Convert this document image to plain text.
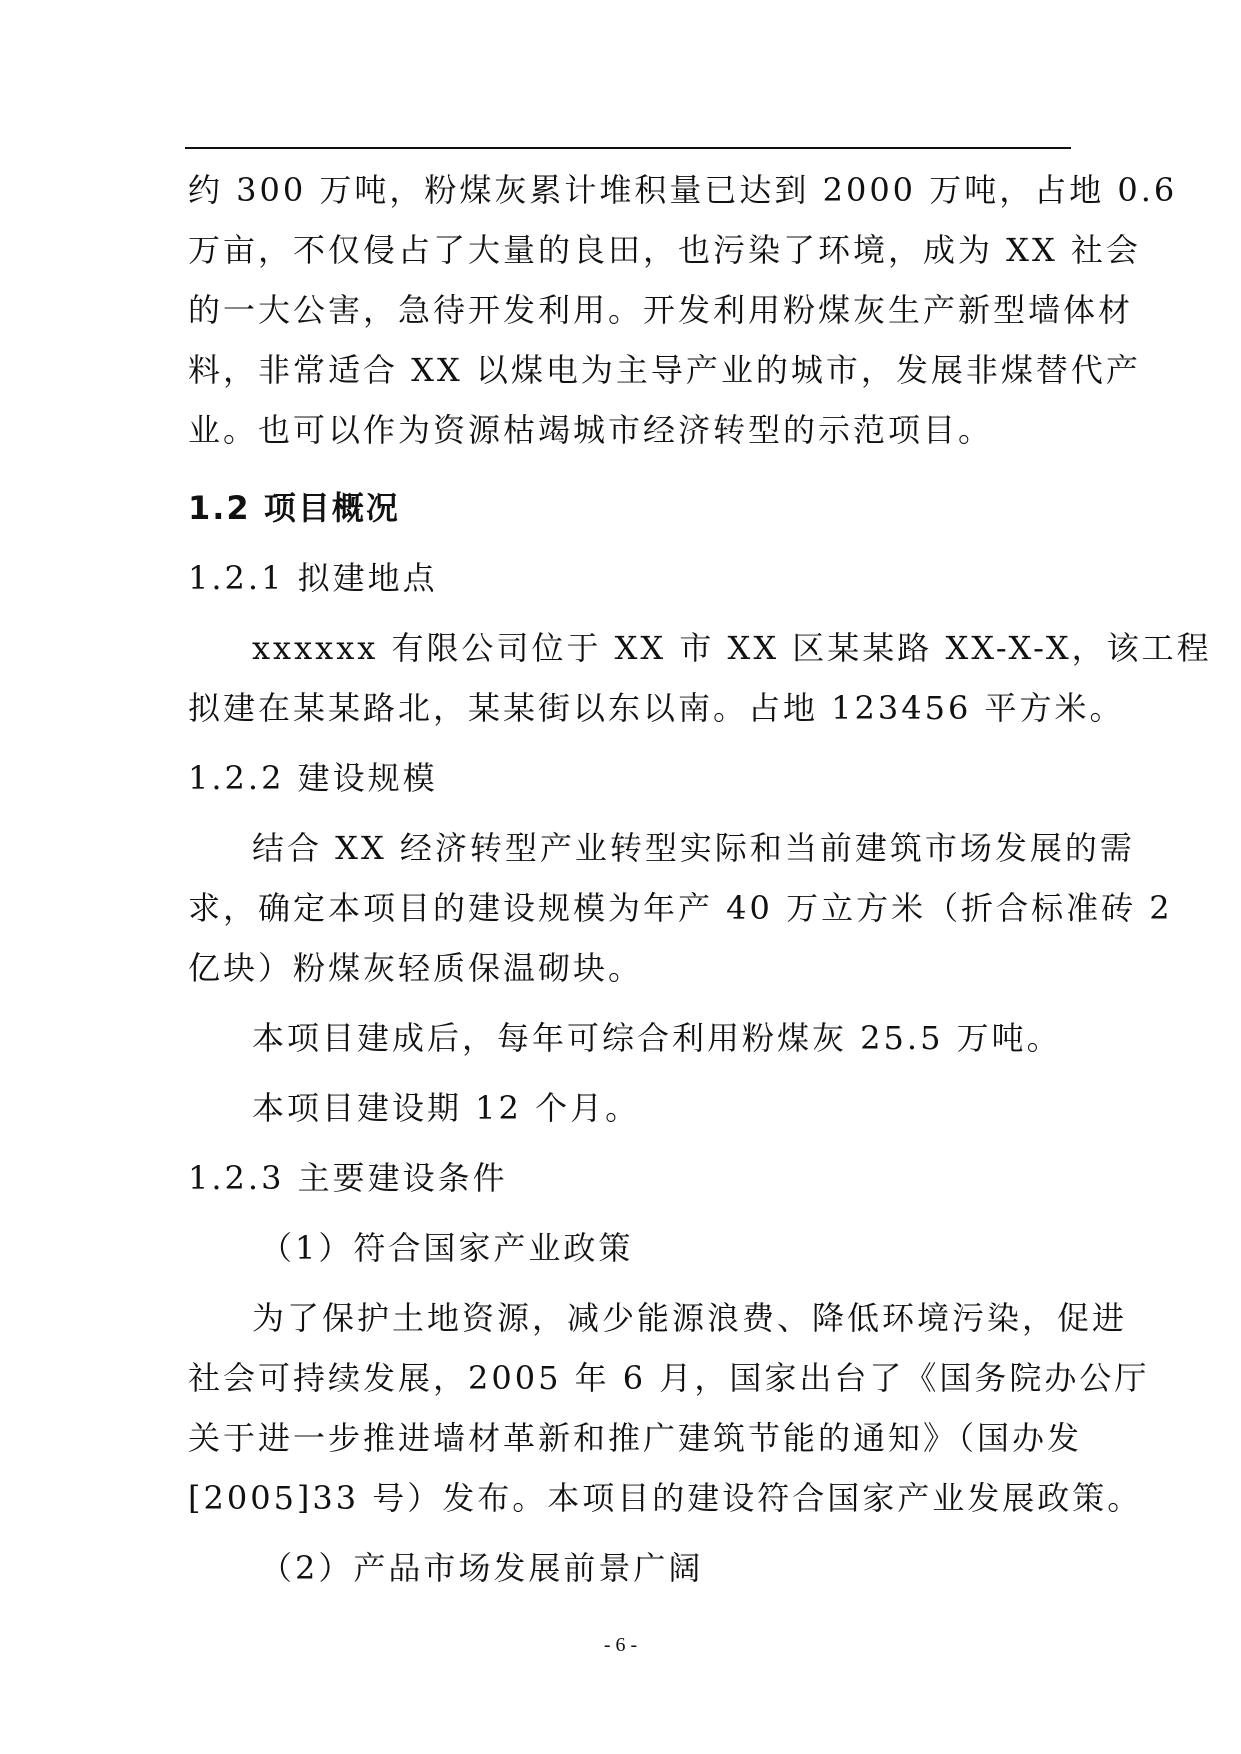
约 300 万吨，粉煤灰累计堆积量已达到 2000 万吨，占地 0.6
万亩，不仅侵占了大量的良田，也污染了环境，成为 XX 社会
的一大公害，急待开发利用。开发利用粉煤灰生产新型墙体材
料，非常适合 XX 以煤电为主导产业的城市，发展非煤替代产
业。也可以作为资源枯竭城市经济转型的示范项目。
1.2 项目概况
1.2.1 拟建地点
xxxxxx 有限公司位于 XX 市 XX 区某某路 XX-X-X，该工程
拟建在某某路北，某某街以东以南。占地 123456 平方米。
1.2.2 建设规模
结合 XX 经济转型产业转型实际和当前建筑市场发展的需
求，确定本项目的建设规模为年产 40 万立方米（折合标准砖 2
亿块）粉煤灰轻质保温砌块。
本项目建成后，每年可综合利用粉煤灰 25.5 万吨。
本项目建设期 12 个月。
1.2.3 主要建设条件
（1）符合国家产业政策
为了保护土地资源，减少能源浪费、降低环境污染，促进
社会可持续发展，2005 年 6 月，国家出台了《国务院办公厅
关于进一步推进墙材革新和推广建筑节能的通知》（国办发
[2005]33 号）发布。本项目的建设符合国家产业发展政策。
（2）产品市场发展前景广阔
- 6 -
